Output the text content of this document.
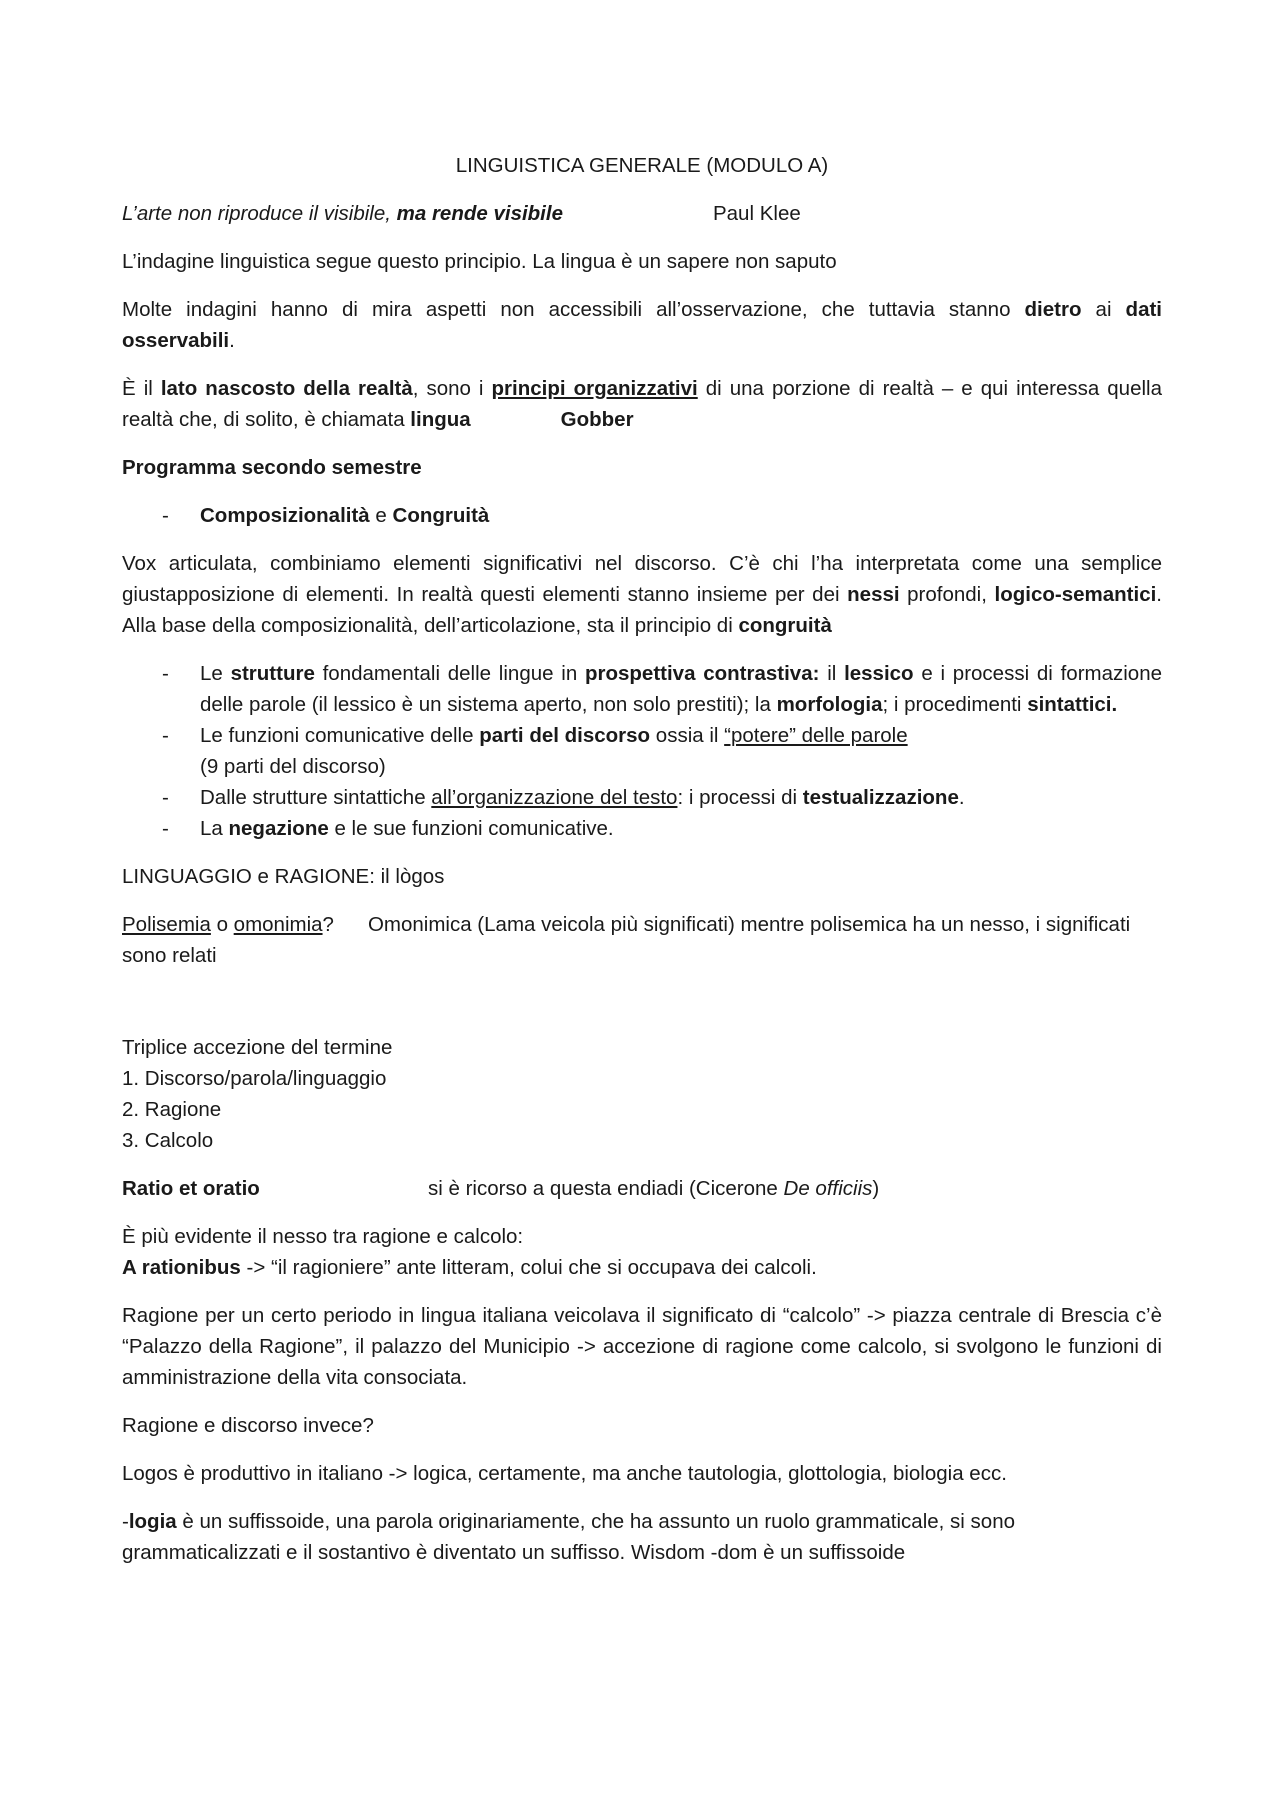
LINGUISTICA GENERALE (MODULO A)

L’arte non riproduce il visibile, ma rende visibile	Paul Klee

L’indagine linguistica segue questo principio. La lingua è un sapere non saputo

Molte indagini hanno di mira aspetti non accessibili all’osservazione, che tuttavia stanno dietro ai dati osservabili.

È il lato nascosto della realtà, sono i principi organizzativi di una porzione di realtà – e qui interessa quella realtà che, di solito, è chiamata lingua	Gobber

Programma secondo semestre

- Composizionalità e Congruità

Vox articulata, combiniamo elementi significativi nel discorso. C’è chi l’ha interpretata come una semplice giustapposizione di elementi. In realtà questi elementi stanno insieme per dei nessi profondi, logico-semantici. Alla base della composizionalità, dell’articolazione, sta il principio di congruità

- Le strutture fondamentali delle lingue in prospettiva contrastiva: il lessico e i processi di formazione delle parole (il lessico è un sistema aperto, non solo prestiti); la morfologia; i procedimenti sintattici.
- Le funzioni comunicative delle parti del discorso ossia il “potere” delle parole
(9 parti del discorso)
- Dalle strutture sintattiche all’organizzazione del testo: i processi di testualizzazione.
- La negazione e le sue funzioni comunicative.

LINGUAGGIO e RAGIONE: il lògos

Polisemia o omonimia? Omonimica (Lama veicola più significati) mentre polisemica ha un nesso, i significati sono relati

Triplice accezione del termine

1. Discorso/parola/linguaggio

2. Ragione

3. Calcolo

Ratio et oratio	si è ricorso a questa endiadi (Cicerone De officiis)

È più evidente il nesso tra ragione e calcolo:

A rationibus -> “il ragioniere” ante litteram, colui che si occupava dei calcoli.

Ragione per un certo periodo in lingua italiana veicolava il significato di “calcolo” -> piazza centrale di Brescia c’è “Palazzo della Ragione”, il palazzo del Municipio -> accezione di ragione come calcolo, si svolgono le funzioni di amministrazione della vita consociata.

Ragione e discorso invece?

Logos è produttivo in italiano -> logica, certamente, ma anche tautologia, glottologia, biologia ecc.

-logia è un suffissoide, una parola originariamente, che ha assunto un ruolo grammaticale, si sono grammaticalizzati e il sostantivo è diventato un suffisso. Wisdom -dom è un suffissoide
